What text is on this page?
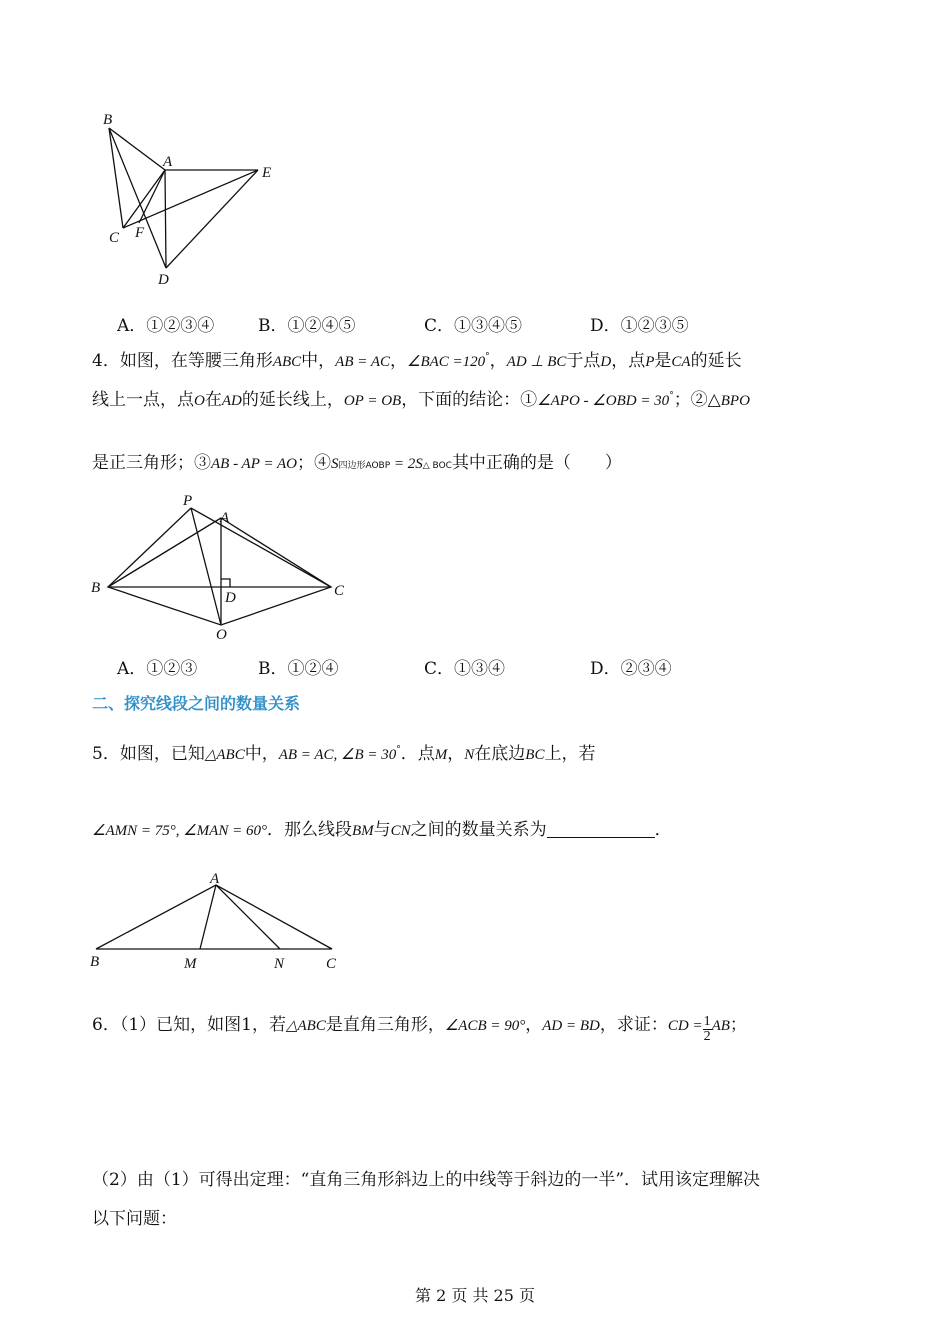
B
A
E
C F
D
A．①②③④	B．①②④⑤	C．①③④⑤	D．①②③⑤
4．如图，在等腰三角形ABC中，AB = AC，∠BAC =120°，AD ⊥ BC于点D，点P是CA的延长
线上一点，点O在AD的延长线上，OP = OB，下面的结论：①∠APO - ∠OBD = 30°；②△BPO
是正三角形；③AB - AP = AO；④S四边形AOBP = 2S△ BOC其中正确的是（　　）
P
A
B	C
D
O
A．①②③	B．①②④	C．①③④	D．②③④
二、探究线段之间的数量关系
5．如图，已知△ABC中，AB = AC, ∠B = 30°．点M，N在底边BC上，若
∠AMN = 75°, ∠MAN = 60°．那么线段BM与CN之间的数量关系为	．
A
B	M	N	C
6．（1）已知，如图1，若△ABC是直角三角形，∠ACB = 90°，AD = BD，求证：CD = $\frac{1}{2}$ AB；
（2）由（1）可得出定理：“直角三角形斜边上的中线等于斜边的一半”．试用该定理解决
以下问题：
第 2 页 共 25 页
